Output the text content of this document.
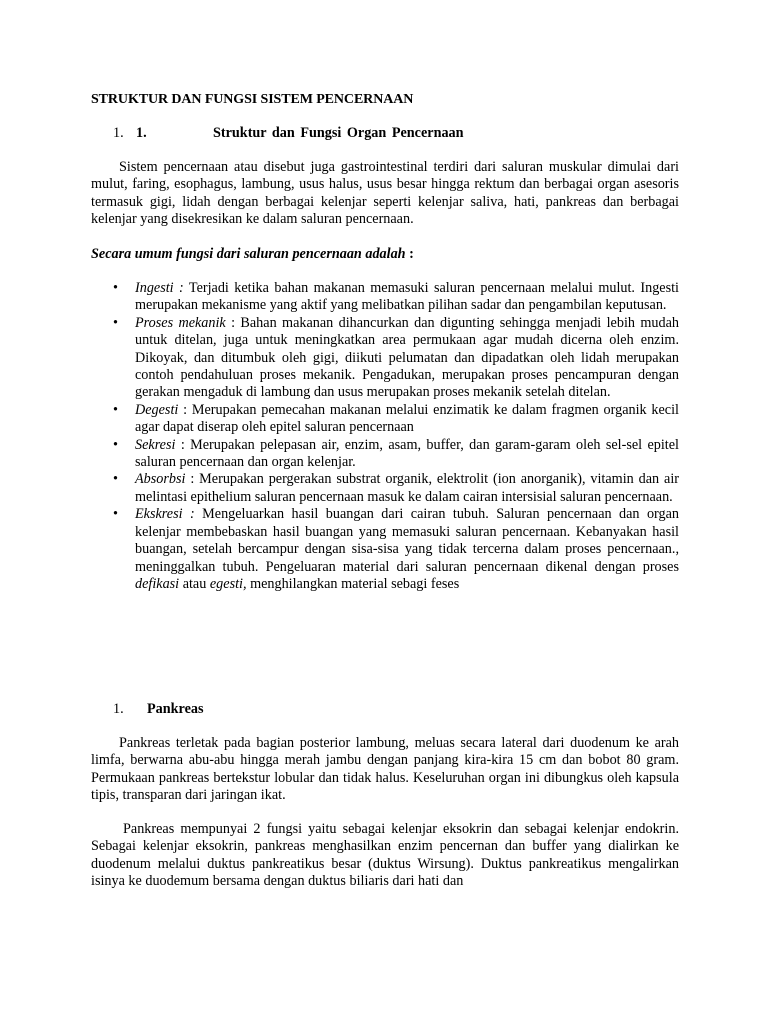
STRUKTUR DAN FUNGSI SISTEM PENCERNAAN
1. 1.	Struktur dan Fungsi Organ Pencernaan

Sistem pencernaan atau disebut juga gastrointestinal terdiri dari saluran muskular dimulai dari mulut, faring, esophagus, lambung, usus halus, usus besar hingga rektum dan berbagai organ asesoris termasuk gigi, lidah dengan berbagai kelenjar seperti kelenjar saliva, hati, pankreas dan berbagai kelenjar yang disekresikan ke dalam saluran pencernaan.

Secara umum fungsi dari saluran pencernaan adalah :
• Ingesti : Terjadi ketika bahan makanan memasuki saluran pencernaan melalui mulut. Ingesti merupakan mekanisme yang aktif yang melibatkan pilihan sadar dan pengambilan keputusan.
• Proses mekanik : Bahan makanan dihancurkan dan digunting sehingga menjadi lebih mudah untuk ditelan, juga untuk meningkatkan area permukaan agar mudah dicerna oleh enzim. Dikoyak, dan ditumbuk oleh gigi, diikuti pelumatan dan dipadatkan oleh lidah merupakan contoh pendahuluan proses mekanik. Pengadukan, merupakan proses pencampuran dengan gerakan mengaduk di lambung dan usus merupakan proses mekanik setelah ditelan.
• Degesti : Merupakan pemecahan makanan melalui enzimatik ke dalam fragmen organik kecil agar dapat diserap oleh epitel saluran pencernaan
• Sekresi : Merupakan pelepasan air, enzim, asam, buffer, dan garam-garam oleh sel-sel epitel saluran pencernaan dan organ kelenjar.
• Absorbsi : Merupakan pergerakan substrat organik, elektrolit (ion anorganik), vitamin dan air melintasi epithelium saluran pencernaan masuk ke dalam cairan intersisial saluran pencernaan.
• Ekskresi : Mengeluarkan hasil buangan dari cairan tubuh. Saluran pencernaan dan organ kelenjar membebaskan hasil buangan yang memasuki saluran pencernaan. Kebanyakan hasil buangan, setelah bercampur dengan sisa-sisa yang tidak tercerna dalam proses pencernaan., meninggalkan tubuh. Pengeluaran material dari saluran pencernaan dikenal dengan proses defikasi atau egesti, menghilangkan material sebagi feses
1. Pankreas

Pankreas terletak pada bagian posterior lambung, meluas secara lateral dari duodenum ke arah limfa, berwarna abu-abu hingga merah jambu dengan panjang kira-kira 15 cm dan bobot 80 gram. Permukaan pankreas bertekstur lobular dan tidak halus. Keseluruhan organ ini dibungkus oleh kapsula tipis, transparan dari jaringan ikat.

Pankreas mempunyai 2 fungsi yaitu sebagai kelenjar eksokrin dan sebagai kelenjar endokrin. Sebagai kelenjar eksokrin, pankreas menghasilkan enzim pencernan dan buffer yang dialirkan ke duodenum melalui duktus pankreatikus besar (duktus Wirsung). Duktus pankreatikus mengalirkan isinya ke duodemum bersama dengan duktus biliaris dari hati dan
